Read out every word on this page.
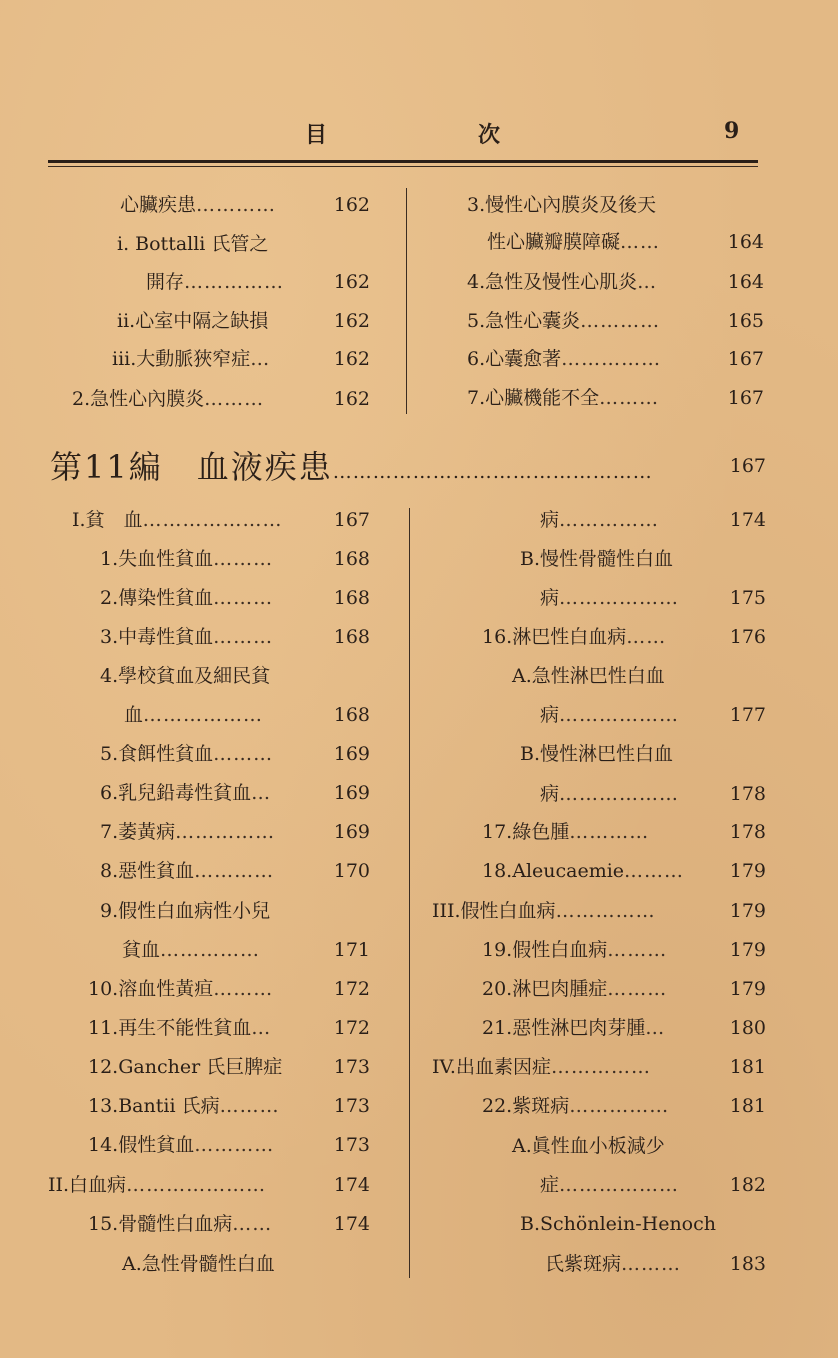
目	次	9
心臟疾患…………	162
i. Bottalli 氏管之
開存……………	162
ii.心室中隔之缺損	162
iii.大動脈狹窄症…	162
2.急性心內膜炎………	162
3.慢性心內膜炎及後天
性心臟瓣膜障礙……	164
4.急性及慢性心肌炎…	164
5.急性心囊炎…………	165
6.心囊愈著……………	167
7.心臟機能不全………	167
第11編　血液疾患…………………………………………	167
I.貧　血…………………	167
1.失血性貧血………	168
2.傳染性貧血………	168
3.中毒性貧血………	168
4.學校貧血及細民貧
血………………	168
5.食餌性貧血………	169
6.乳兒鉛毒性貧血…	169
7.萎黃病……………	169
8.惡性貧血…………	170
9.假性白血病性小兒
貧血……………	171
10.溶血性黃疸………	172
11.再生不能性貧血…	172
12.Gancher 氏巨脾症	173
13.Bantii 氏病………	173
14.假性貧血…………	173
II.白血病…………………	174
15.骨髓性白血病……	174
A.急性骨髓性白血
病……………	174
B.慢性骨髓性白血
病………………	175
16.淋巴性白血病……	176
A.急性淋巴性白血
病………………	177
B.慢性淋巴性白血
病………………	178
17.綠色腫…………	178
18.Aleucaemie………	179
III.假性白血病……………	179
19.假性白血病………	179
20.淋巴肉腫症………	179
21.惡性淋巴肉芽腫…	180
IV.出血素因症……………	181
22.紫斑病……………	181
A.眞性血小板減少
症………………	182
B.Schönlein-Henoch
氏紫斑病………	183
